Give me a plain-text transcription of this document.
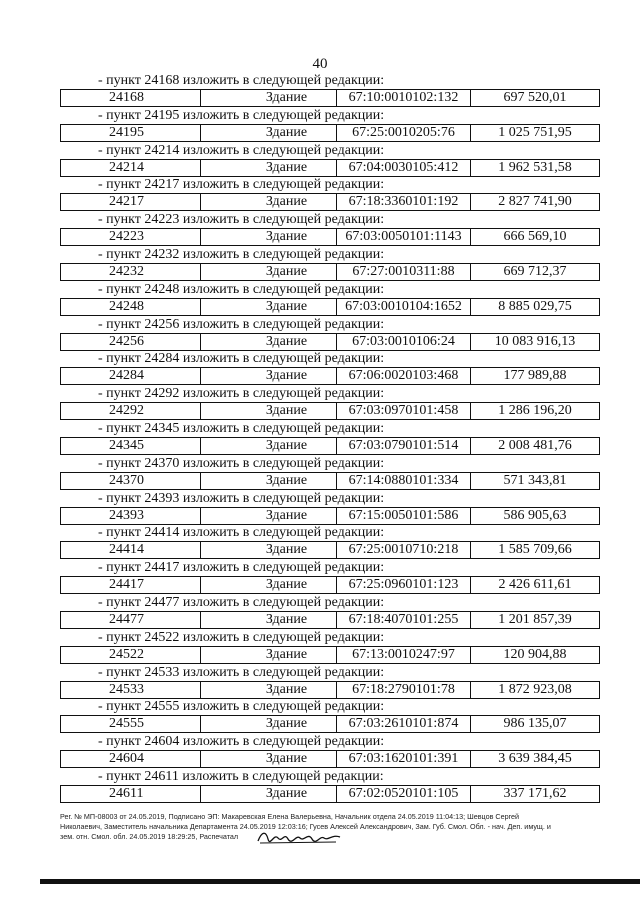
40
- пункт 24168 изложить в следующей редакции:
24168	Здание	67:10:0010102:132	697 520,01
- пункт 24195 изложить в следующей редакции:
24195	Здание	67:25:0010205:76	1 025 751,95
- пункт 24214 изложить в следующей редакции:
24214	Здание	67:04:0030105:412	1 962 531,58
- пункт 24217 изложить в следующей редакции:
24217	Здание	67:18:3360101:192	2 827 741,90
- пункт 24223 изложить в следующей редакции:
24223	Здание	67:03:0050101:1143	666 569,10
- пункт 24232 изложить в следующей редакции:
24232	Здание	67:27:0010311:88	669 712,37
- пункт 24248 изложить в следующей редакции:
24248	Здание	67:03:0010104:1652	8 885 029,75
- пункт 24256 изложить в следующей редакции:
24256	Здание	67:03:0010106:24	10 083 916,13
- пункт 24284 изложить в следующей редакции:
24284	Здание	67:06:0020103:468	177 989,88
- пункт 24292 изложить в следующей редакции:
24292	Здание	67:03:0970101:458	1 286 196,20
- пункт 24345 изложить в следующей редакции:
24345	Здание	67:03:0790101:514	2 008 481,76
- пункт 24370 изложить в следующей редакции:
24370	Здание	67:14:0880101:334	571 343,81
- пункт 24393 изложить в следующей редакции:
24393	Здание	67:15:0050101:586	586 905,63
- пункт 24414 изложить в следующей редакции:
24414	Здание	67:25:0010710:218	1 585 709,66
- пункт 24417 изложить в следующей редакции:
24417	Здание	67:25:0960101:123	2 426 611,61
- пункт 24477 изложить в следующей редакции:
24477	Здание	67:18:4070101:255	1 201 857,39
- пункт 24522 изложить в следующей редакции:
24522	Здание	67:13:0010247:97	120 904,88
- пункт 24533 изложить в следующей редакции:
24533	Здание	67:18:2790101:78	1 872 923,08
- пункт 24555 изложить в следующей редакции:
24555	Здание	67:03:2610101:874	986 135,07
- пункт 24604 изложить в следующей редакции:
24604	Здание	67:03:1620101:391	3 639 384,45
- пункт 24611 изложить в следующей редакции:
24611	Здание	67:02:0520101:105	337 171,62
Рег. № МП-08003 от 24.05.2019, Подписано ЭП: Макаревская Елена Валерьевна, Начальник отдела 24.05.2019 11:04:13; Шевцов Сергей
Николаевич, Заместитель начальника Департамента 24.05.2019 12:03:16; Гусев Алексей Александрович, Зам. Губ. Смол. Обл. - нач. Деп. имущ. и
зем. отн. Смол. обл. 24.05.2019 18:29:25, Распечатал
